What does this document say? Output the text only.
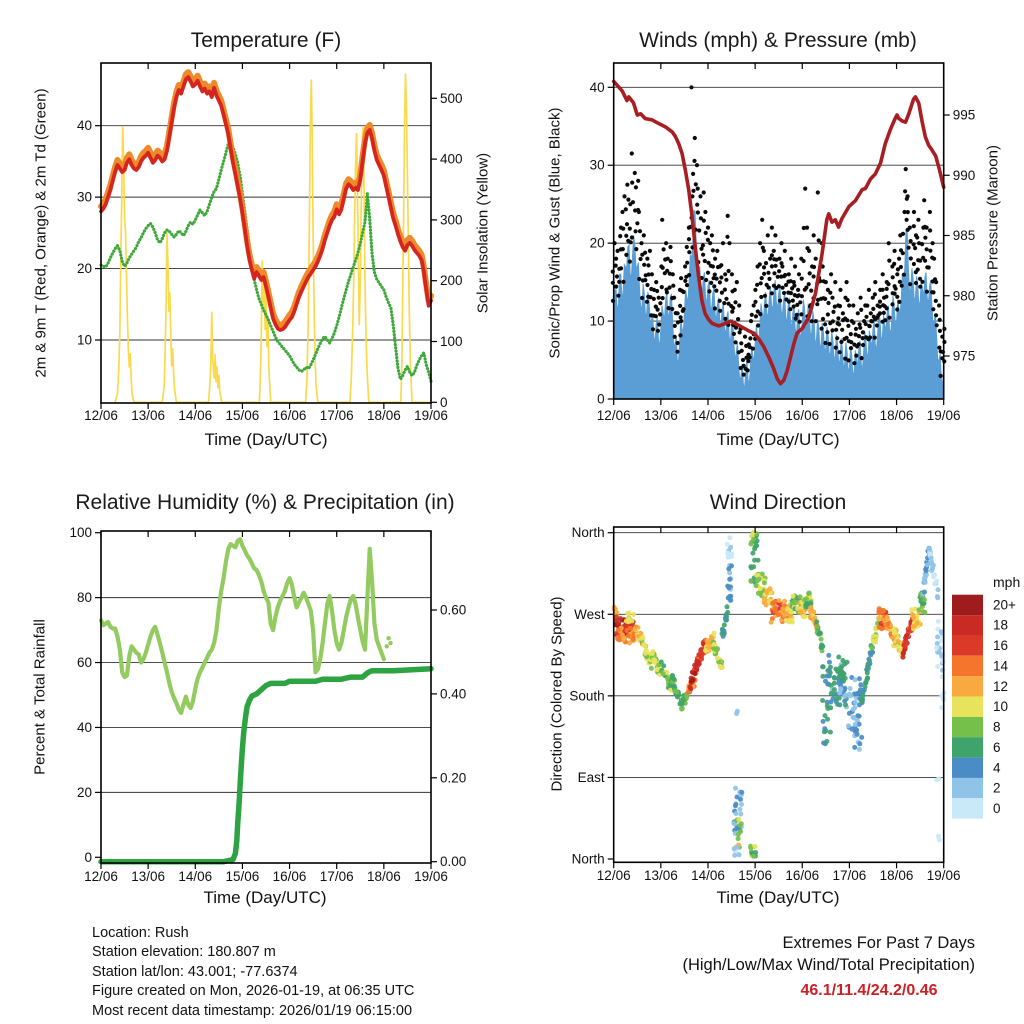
12/06 13/06 14/06 15/06 16/06 17/06 18/06 19/06
10
20
30
40
0
100
200
300
400
500
12/06 13/06 14/06 15/06 16/06 17/06 18/06 19/06
0
10
20
30
40
975
980
985
990
995
12/06 13/06 14/06 15/06 16/06 17/06 18/06 19/06
0
20
40
60
80
100
0.00
0.20
0.40
0.60
12/06 13/06 14/06 15/06 16/06 17/06 18/06 19/06
North
West
South
East
North
20+
18
16
14
12
10
8
6
4
2
0
mph
Temperature (F)	Winds (mph) & Pressure (mb)
Relative Humidity (%) & Precipitation (in)	Wind Direction
2m & 9m T (Red, Orange) & 2m Td (Green)	Solar Insolation (Yellow)	Sonic/Prop Wind & Gust (Blue, Black)	Station Pressure (Maroon)
Percent & Total Rainfall	Direction (Colored By Speed)
Time (Day/UTC)	Time (Day/UTC)
Time (Day/UTC)	Time (Day/UTC)
Location: Rush
Station elevation: 180.807 m
Station lat/lon: 43.001; -77.6374
Figure created on Mon, 2026-01-19, at 06:35 UTC
Most recent data timestamp: 2026/01/19 06:15:00
Extremes For Past 7 Days
(High/Low/Max Wind/Total Precipitation)
46.1/11.4/24.2/0.46
